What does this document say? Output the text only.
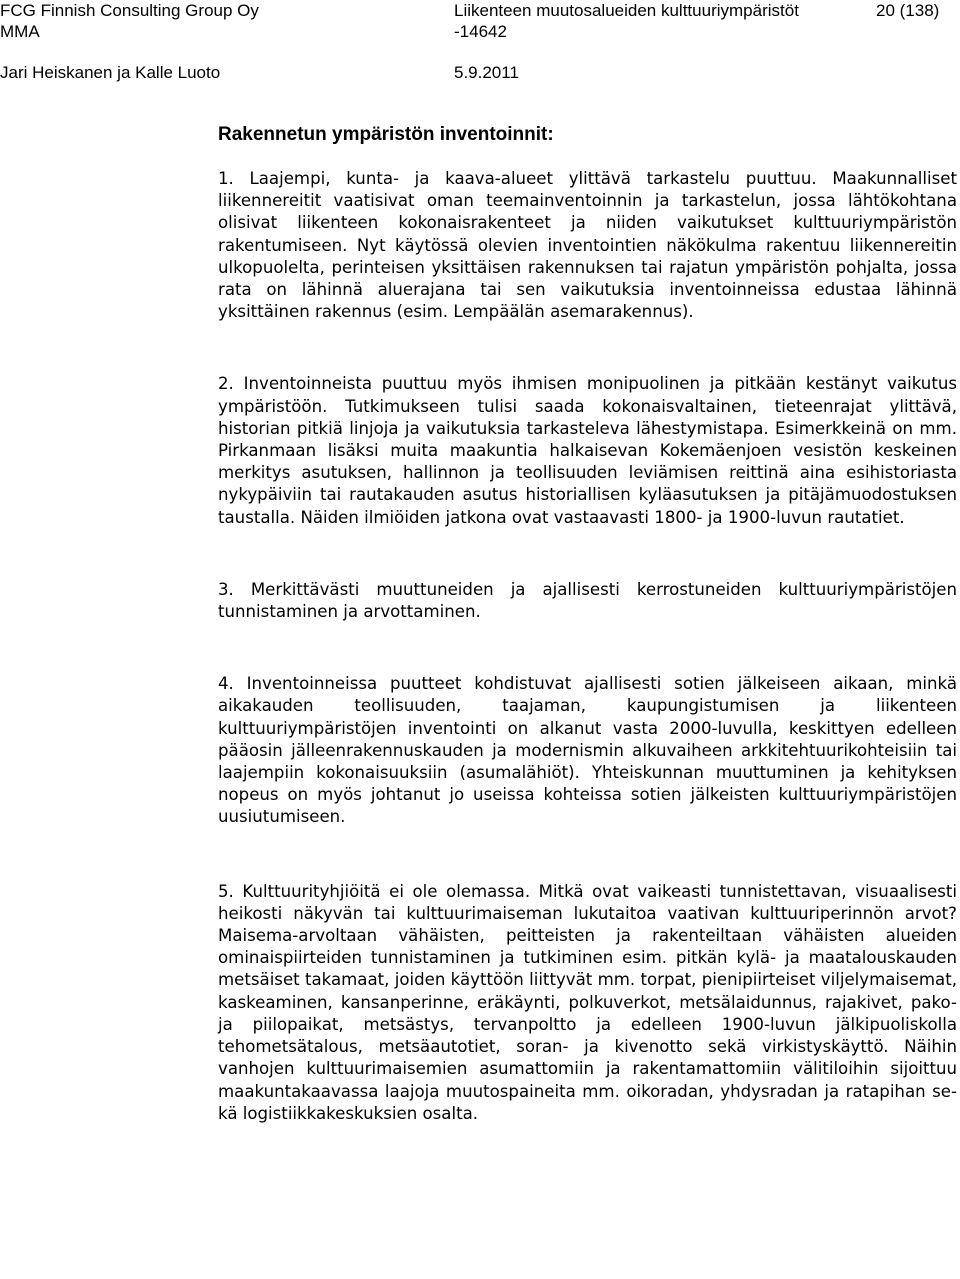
FCG Finnish Consulting Group Oy
MMA
Liikenteen muutosalueiden kulttuuriympäristöt
-14642
20 (138)
Jari Heiskanen ja Kalle Luoto	5.9.2011
Rakennetun ympäristön inventoinnit:

1. Laajempi, kunta- ja kaava-alueet ylittävä tarkastelu puuttuu. Maakunnalliset liikennereitit vaatisivat oman teemainventoinnin ja tarkastelun, jossa lähtökohtana olisivat liikenteen kokonaisrakenteet ja niiden vaikutukset kulttuuriympäristön rakentumiseen. Nyt käytössä olevien inventointien näkökulma rakentuu liikennereitin ulkopuolelta, perinteisen yksittäisen rakennuksen tai rajatun ympäristön pohjalta, jossa rata on lähinnä aluerajana tai sen vaikutuksia inventoinneissa edustaa lähinnä yksittäinen rakennus (esim. Lempäälän asemarakennus).

2. Inventoinneista puuttuu myös ihmisen monipuolinen ja pitkään kestänyt vaikutus ympäristöön. Tutkimukseen tulisi saada kokonaisvaltainen, tieteenrajat ylittävä, historian pitkiä linjoja ja vaikutuksia tarkasteleva lähestymistapa. Esimerkkeinä on mm. Pirkanmaan lisäksi muita maakuntia halkaisevan Kokemäenjoen vesistön keskeinen merkitys asutuksen, hallinnon ja teollisuuden leviämisen reittinä aina esihistoriasta nykypäiviin tai rautakauden asutus historiallisen kyläasutuksen ja pitäjämuodostuksen taustalla. Näiden ilmiöiden jatkona ovat vastaavasti 1800- ja 1900-luvun rautatiet.

3. Merkittävästi muuttuneiden ja ajallisesti kerrostuneiden kulttuuriympäristöjen tunnistaminen ja arvottaminen.

4. Inventoinneissa puutteet kohdistuvat ajallisesti sotien jälkeiseen aikaan, minkä aikakauden teollisuuden, taajaman, kaupungistumisen ja liikenteen kulttuuriympäristöjen inventointi on alkanut vasta 2000-luvulla, keskittyen edelleen pääosin jälleenrakennuskauden ja modernismin alkuvaiheen arkkitehtuurikohteisiin tai laajempiin kokonaisuuksiin (asumalähiöt). Yhteiskunnan muuttuminen ja kehityksen nopeus on myös johtanut jo useissa kohteissa sotien jälkeisten kulttuuriympäristöjen uusiutumiseen.

5. Kulttuurityhjiöitä ei ole olemassa. Mitkä ovat vaikeasti tunnistettavan, visuaalisesti heikosti näkyvän tai kulttuurimaiseman lukutaitoa vaativan kulttuuriperinnön arvot? Maisema-arvoltaan vähäisten, peitteisten ja rakenteiltaan vähäisten alueiden ominaispiirteiden tunnistaminen ja tutkiminen esim. pitkän kylä- ja maatalouskauden metsäiset takamaat, joiden käyttöön liittyvät mm. torpat, pienipiirteiset viljelymaisemat, kaskeaminen, kansanperinne, eräkäynti, polkuverkot, metsälaidunnus, rajakivet, pako- ja piilopaikat, metsästys, tervanpoltto ja edelleen 1900-luvun jälkipuoliskolla tehometsätalous, metsäautotiet, soran- ja kivenotto sekä virkistyskäyttö. Näihin vanhojen kulttuurimaisemien asumattomiin ja rakentamattomiin välitiloihin sijoittuu maakuntakaavassa laajoja muutospaineita mm. oikoradan, yhdysradan ja ratapihan sekä logistiikkakeskuksien osalta.
